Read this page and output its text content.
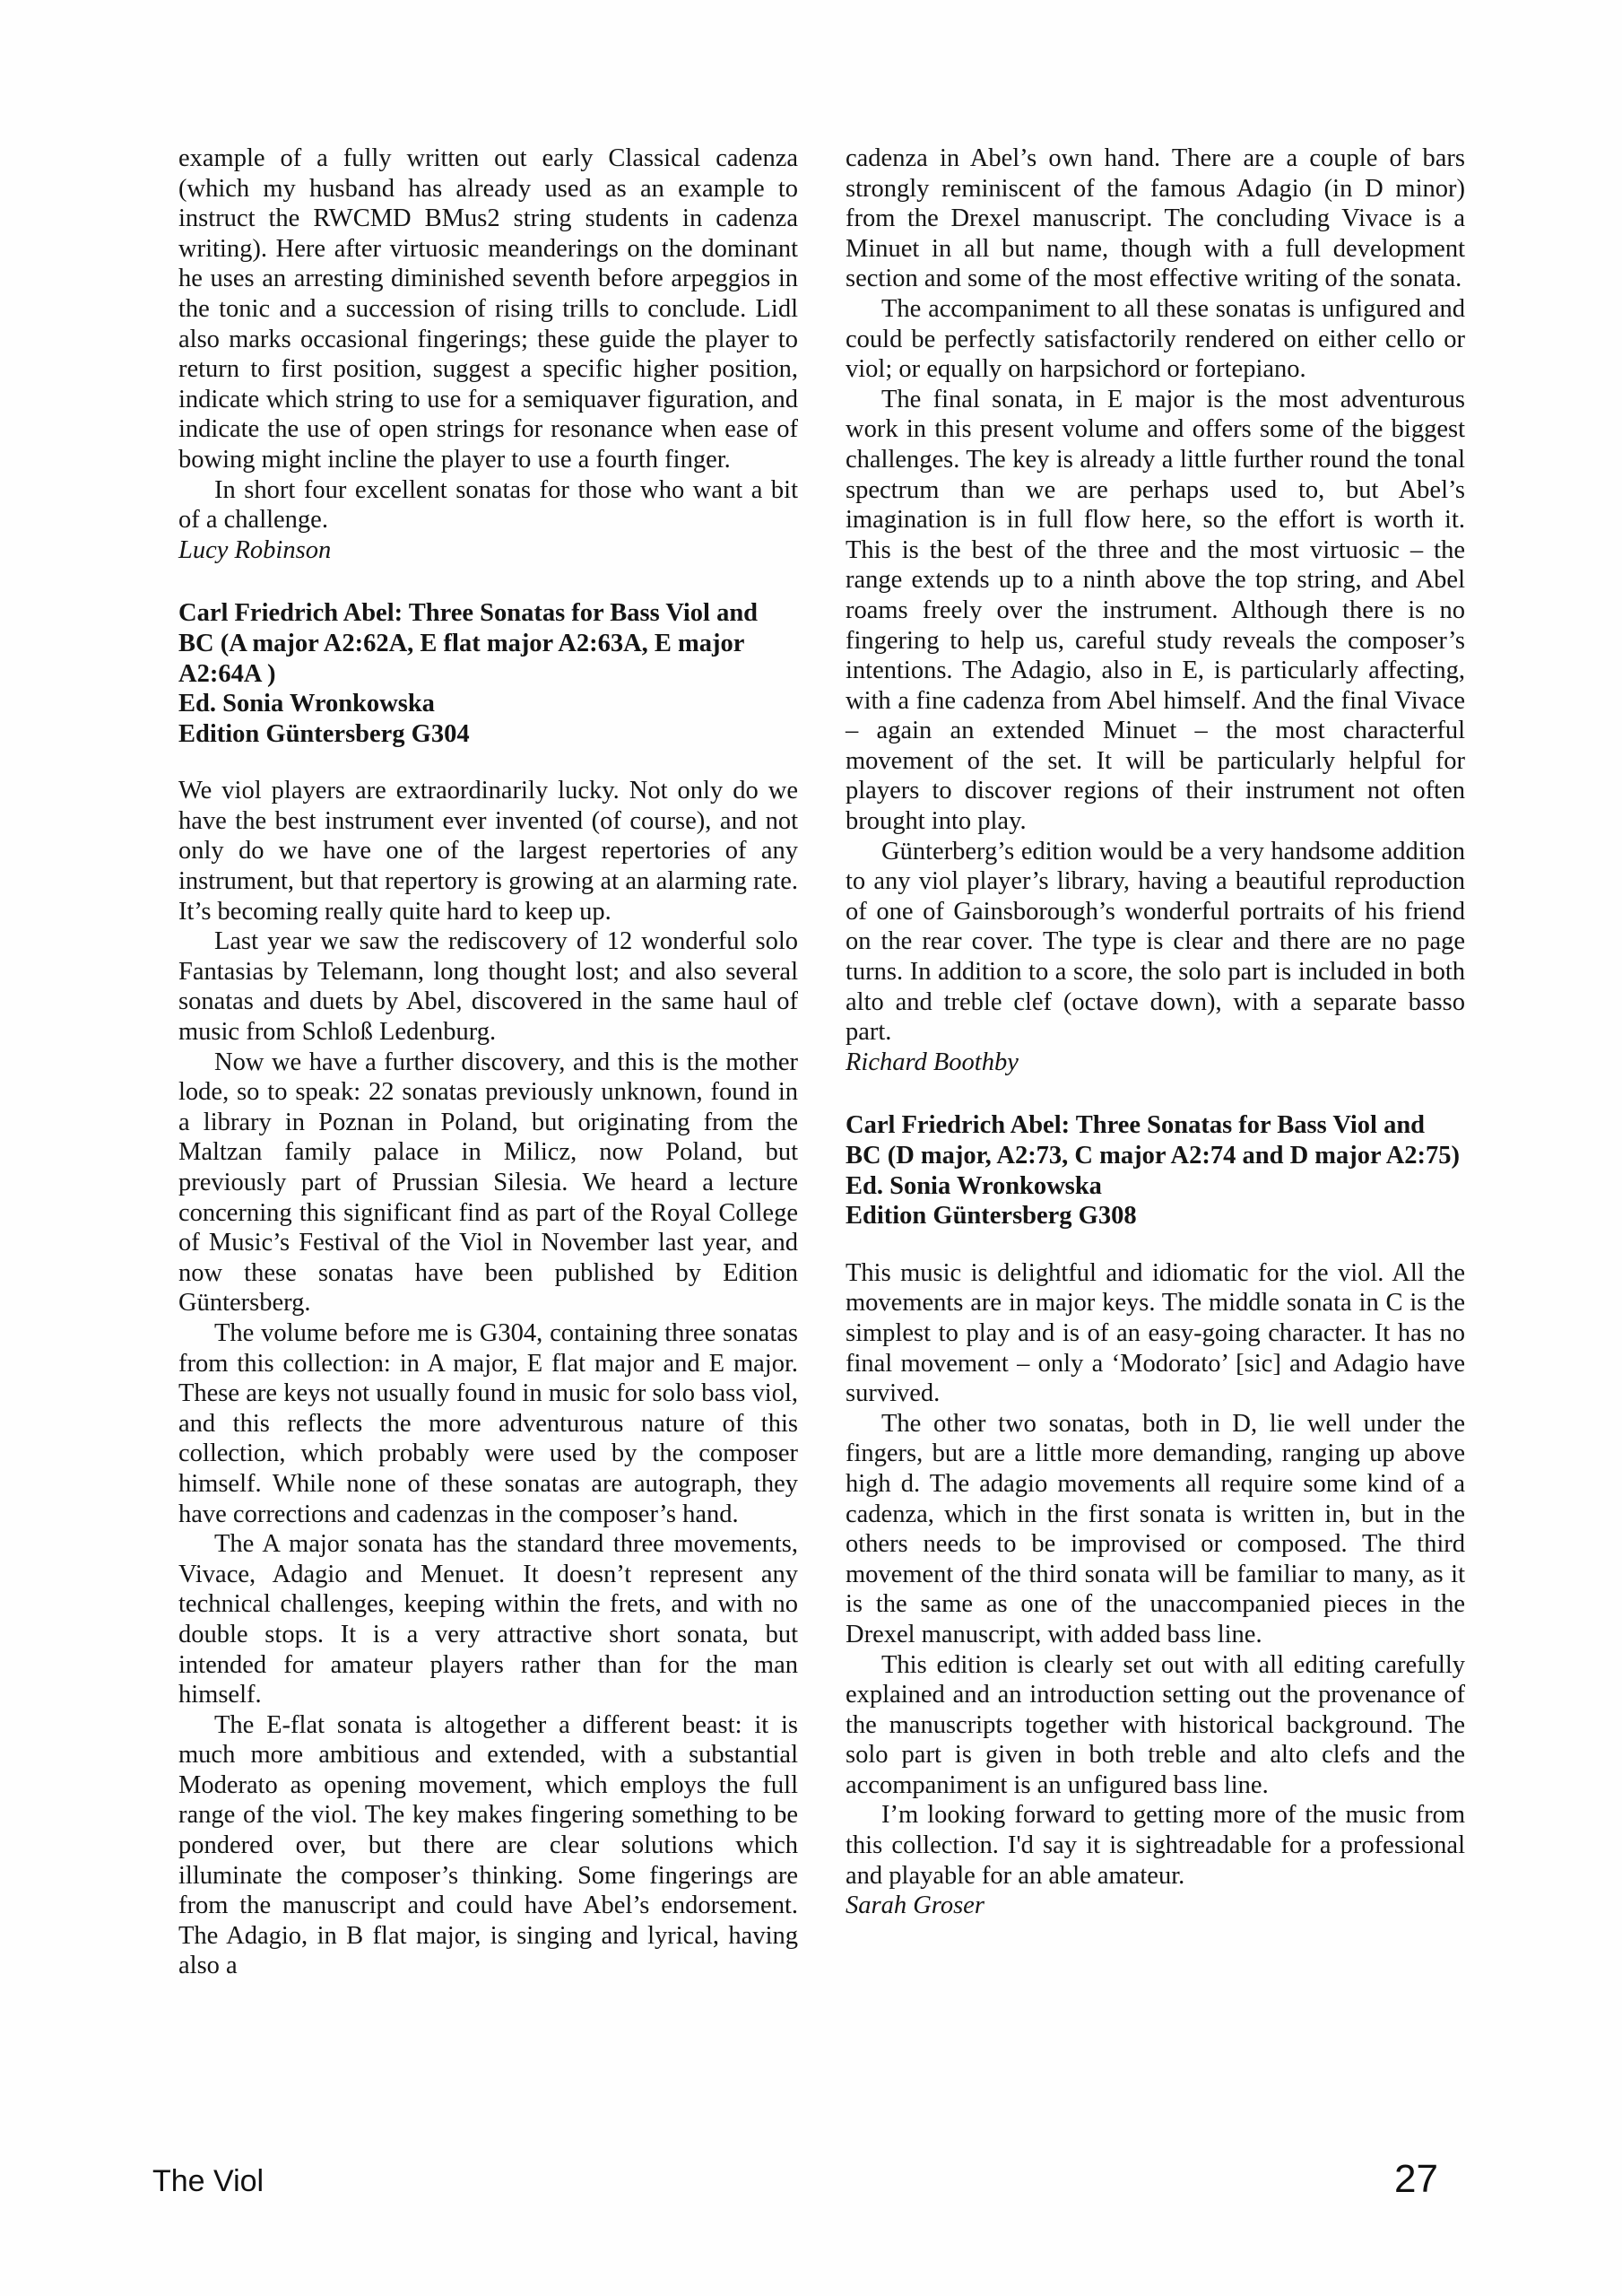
example of a fully written out early Classical cadenza (which my husband has already used as an example to instruct the RWCMD BMus2 string students in cadenza writing). Here after virtuosic meanderings on the dominant he uses an arresting diminished seventh before arpeggios in the tonic and a succession of rising trills to conclude. Lidl also marks occasional fingerings; these guide the player to return to first position, suggest a specific higher position, indicate which string to use for a semiquaver figuration, and indicate the use of open strings for resonance when ease of bowing might incline the player to use a fourth finger.

In short four excellent sonatas for those who want a bit of a challenge.

Lucy Robinson

Carl Friedrich Abel: Three Sonatas for Bass Viol and BC (A major A2:62A, E flat major A2:63A, E major A2:64A )

Ed. Sonia Wronkowska

Edition Güntersberg G304

We viol players are extraordinarily lucky. Not only do we have the best instrument ever invented (of course), and not only do we have one of the largest repertories of any instrument, but that repertory is growing at an alarming rate. It’s becoming really quite hard to keep up.

Last year we saw the rediscovery of 12 wonderful solo Fantasias by Telemann, long thought lost; and also several sonatas and duets by Abel, discovered in the same haul of music from Schloß Ledenburg.

Now we have a further discovery, and this is the mother lode, so to speak: 22 sonatas previously unknown, found in a library in Poznan in Poland, but originating from the Maltzan family palace in Milicz, now Poland, but previously part of Prussian Silesia. We heard a lecture concerning this significant find as part of the Royal College of Music’s Festival of the Viol in November last year, and now these sonatas have been published by Edition Güntersberg.

The volume before me is G304, containing three sonatas from this collection: in A major, E flat major and E major. These are keys not usually found in music for solo bass viol, and this reflects the more adventurous nature of this collection, which probably were used by the composer himself. While none of these sonatas are autograph, they have corrections and cadenzas in the composer’s hand.

The A major sonata has the standard three movements, Vivace, Adagio and Menuet. It doesn’t represent any technical challenges, keeping within the frets, and with no double stops. It is a very attractive short sonata, but intended for amateur players rather than for the man himself.

The E-flat sonata is altogether a different beast: it is much more ambitious and extended, with a substantial Moderato as opening movement, which employs the full range of the viol. The key makes fingering something to be pondered over, but there are clear solutions which illuminate the composer’s thinking. Some fingerings are from the manuscript and could have Abel’s endorsement. The Adagio, in B flat major, is singing and lyrical, having also a

cadenza in Abel’s own hand. There are a couple of bars strongly reminiscent of the famous Adagio (in D minor) from the Drexel manuscript. The concluding Vivace is a Minuet in all but name, though with a full development section and some of the most effective writing of the sonata.

The accompaniment to all these sonatas is unfigured and could be perfectly satisfactorily rendered on either cello or viol; or equally on harpsichord or fortepiano.

The final sonata, in E major is the most adventurous work in this present volume and offers some of the biggest challenges. The key is already a little further round the tonal spectrum than we are perhaps used to, but Abel’s imagination is in full flow here, so the effort is worth it. This is the best of the three and the most virtuosic – the range extends up to a ninth above the top string, and Abel roams freely over the instrument. Although there is no fingering to help us, careful study reveals the composer’s intentions. The Adagio, also in E, is particularly affecting, with a fine cadenza from Abel himself. And the final Vivace – again an extended Minuet – the most characterful movement of the set. It will be particularly helpful for players to discover regions of their instrument not often brought into play.

Günterberg’s edition would be a very handsome addition to any viol player’s library, having a beautiful reproduction of one of Gainsborough’s wonderful portraits of his friend on the rear cover. The type is clear and there are no page turns. In addition to a score, the solo part is included in both alto and treble clef (octave down), with a separate basso part.

Richard Boothby

Carl Friedrich Abel: Three Sonatas for Bass Viol and BC (D major, A2:73, C major A2:74 and D major A2:75)

Ed. Sonia Wronkowska

Edition Güntersberg G308

This music is delightful and idiomatic for the viol. All the movements are in major keys. The middle sonata in C is the simplest to play and is of an easy-going character. It has no final movement – only a ‘Modorato’ [sic] and Adagio have survived.

The other two sonatas, both in D, lie well under the fingers, but are a little more demanding, ranging up above high d. The adagio movements all require some kind of a cadenza, which in the first sonata is written in, but in the others needs to be improvised or composed. The third movement of the third sonata will be familiar to many, as it is the same as one of the unaccompanied pieces in the Drexel manuscript, with added bass line.

This edition is clearly set out with all editing carefully explained and an introduction setting out the provenance of the manuscripts together with historical background. The solo part is given in both treble and alto clefs and the accompaniment is an unfigured bass line.

I’m looking forward to getting more of the music from this collection. I'd say it is sightreadable for a professional and playable for an able amateur.

Sarah Groser

The Viol	27
